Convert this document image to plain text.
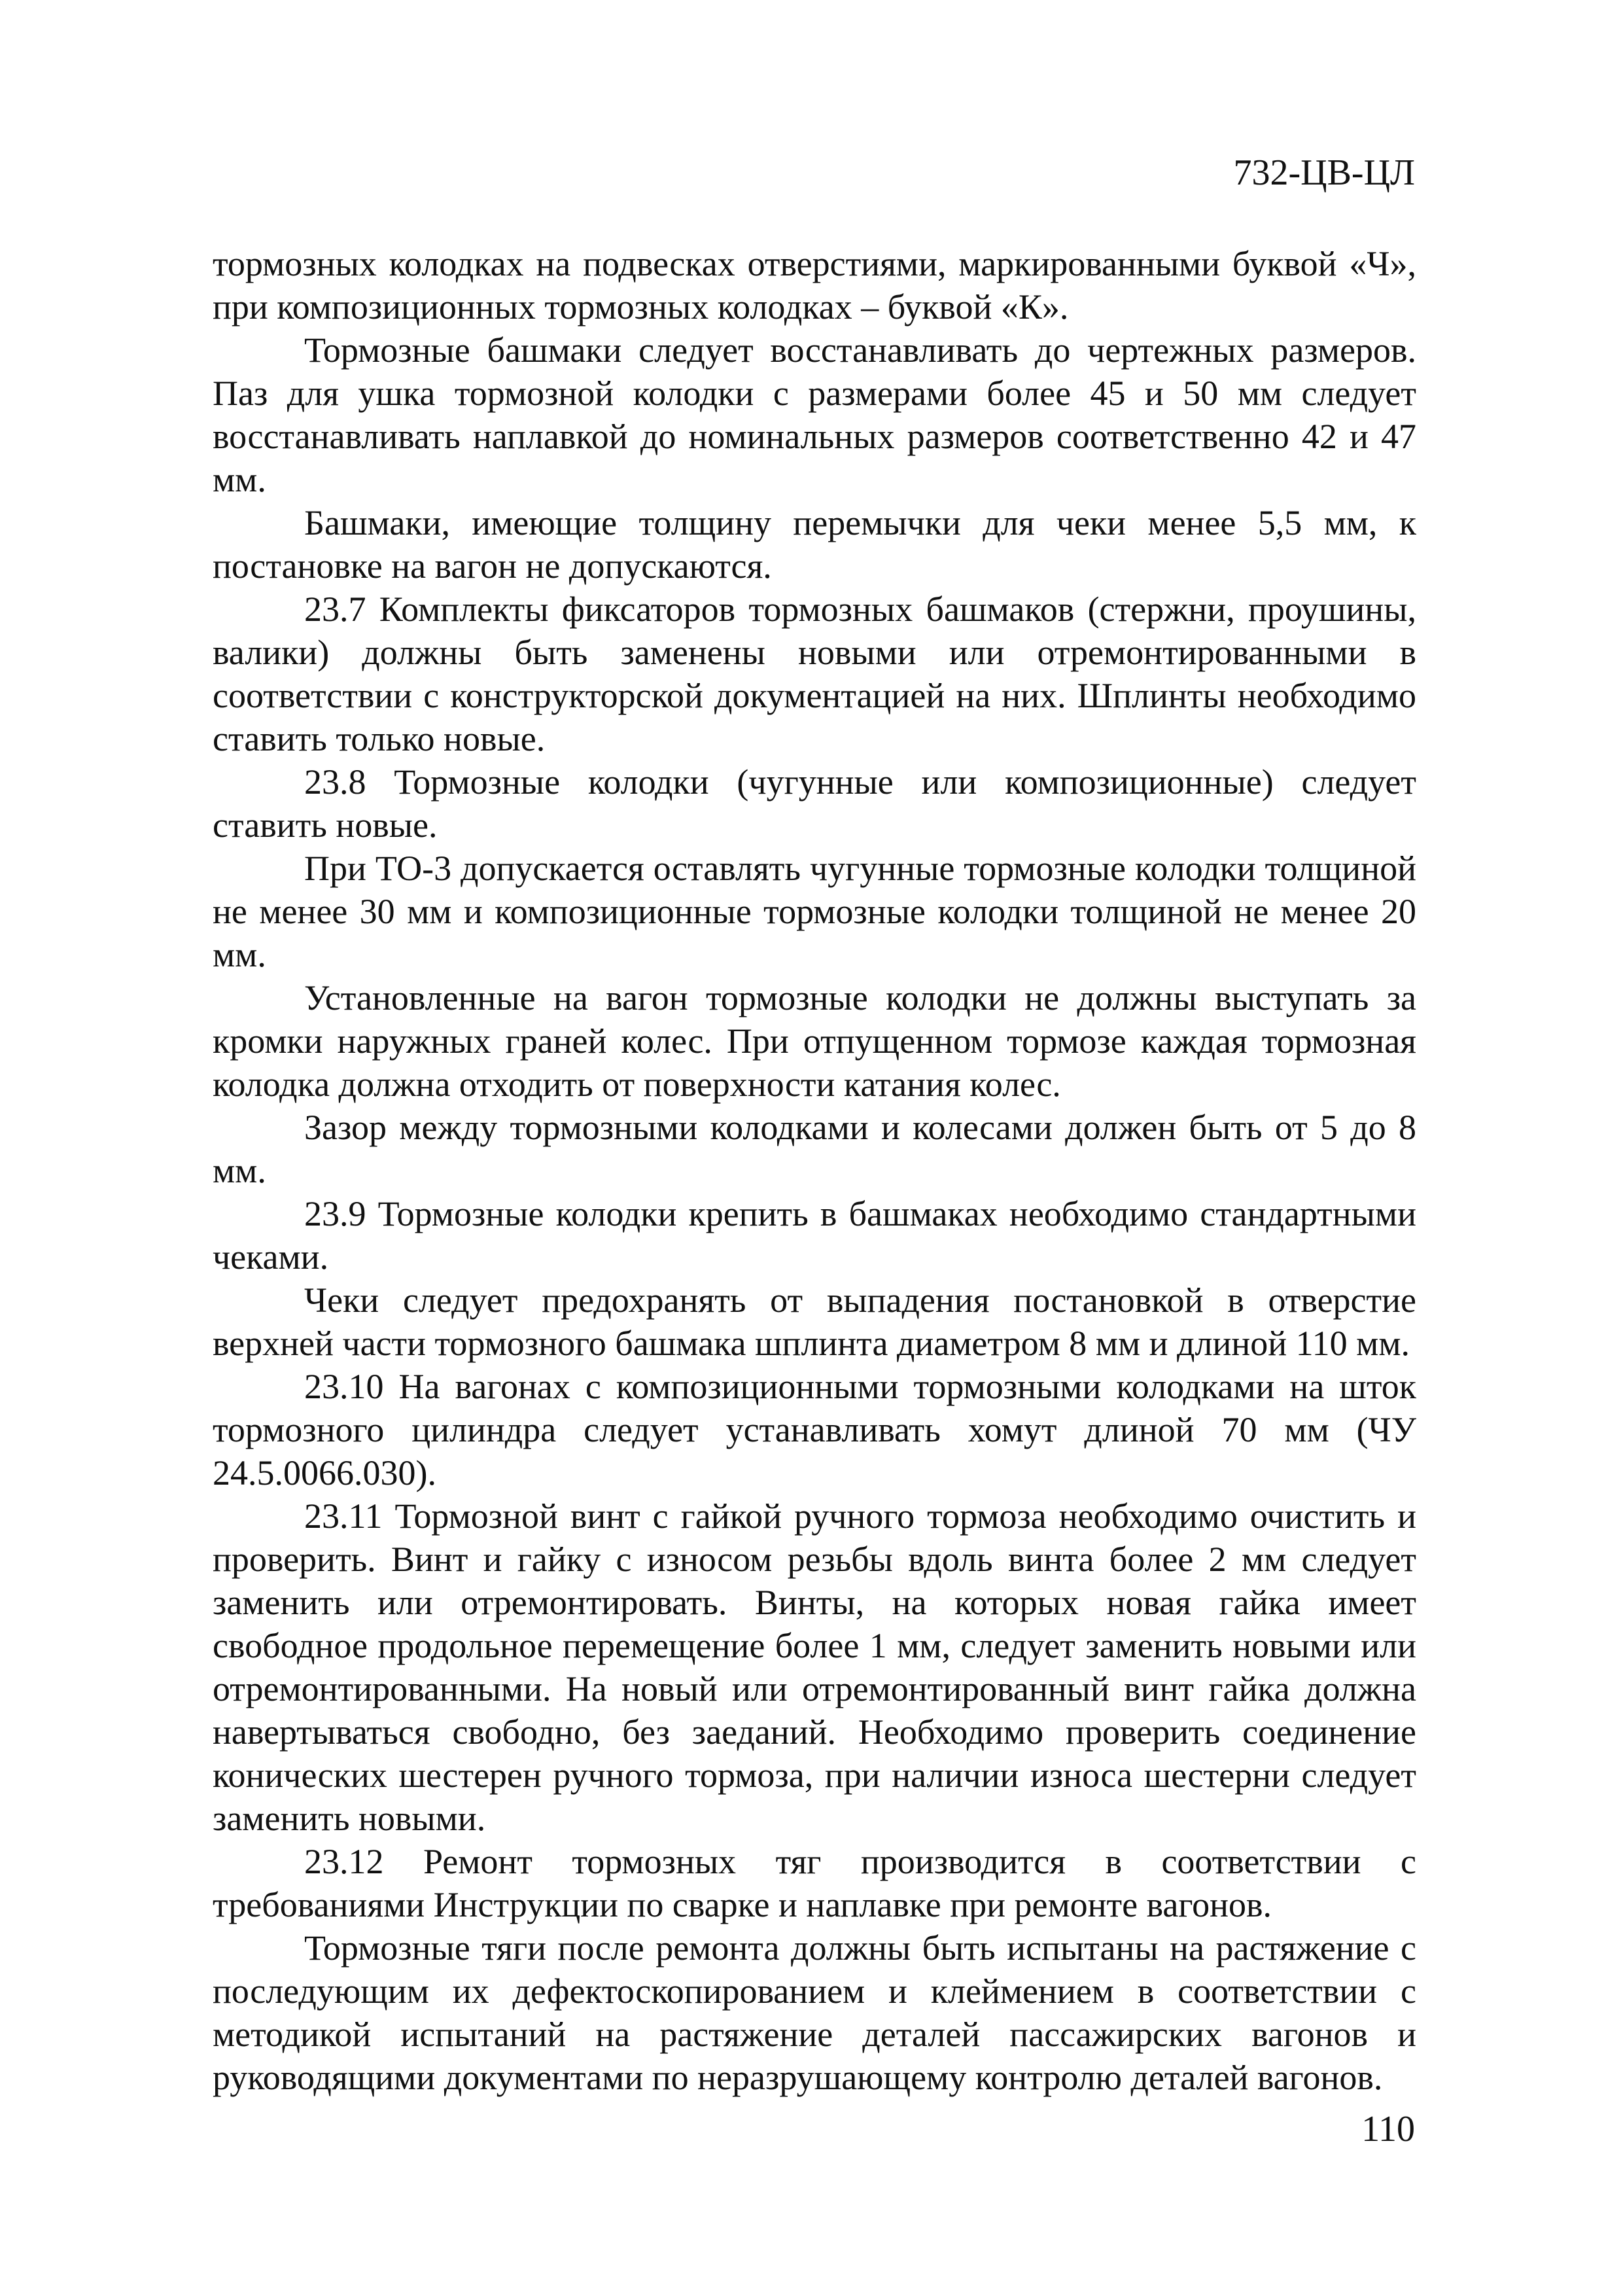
732-ЦВ-ЦЛ

тормозных колодках на подвесках отверстиями, маркированными буквой «Ч», при композиционных тормозных колодках – буквой «К».

Тормозные башмаки следует восстанавливать до чертежных размеров. Паз для ушка тормозной колодки с размерами более 45 и 50 мм следует восстанавливать наплавкой до номинальных размеров соответственно 42 и 47 мм.

Башмаки, имеющие толщину перемычки для чеки менее 5,5 мм, к постановке на вагон не допускаются.

23.7 Комплекты фиксаторов тормозных башмаков (стержни, проушины, валики) должны быть заменены новыми или отремонтированными в соответствии с конструкторской документацией на них. Шплинты необходимо ставить только новые.

23.8 Тормозные колодки (чугунные или композиционные) следует ставить новые.

При ТО-3 допускается оставлять чугунные тормозные колодки толщиной не менее 30 мм и композиционные тормозные колодки толщиной не менее 20 мм.

Установленные на вагон тормозные колодки не должны выступать за кромки наружных граней колес. При отпущенном тормозе каждая тормозная колодка должна отходить от поверхности катания колес.

Зазор между тормозными колодками и колесами должен быть от 5 до 8 мм.

23.9 Тормозные колодки крепить в башмаках необходимо стандартными чеками.

Чеки следует предохранять от выпадения постановкой в отверстие верхней части тормозного башмака шплинта диаметром 8 мм и длиной 110 мм.

23.10 На вагонах с композиционными тормозными колодками на шток тормозного цилиндра следует устанавливать хомут длиной 70 мм (ЧУ 24.5.0066.030).

23.11 Тормозной винт с гайкой ручного тормоза необходимо очистить и проверить. Винт и гайку с износом резьбы вдоль винта более 2 мм следует заменить или отремонтировать. Винты, на которых новая гайка имеет свободное продольное перемещение более 1 мм, следует заменить новыми или отремонтированными. На новый или отремонтированный винт гайка должна навертываться свободно, без заеданий. Необходимо проверить соединение конических шестерен ручного тормоза, при наличии износа шестерни следует заменить новыми.

23.12 Ремонт тормозных тяг производится в соответствии с требованиями Инструкции по сварке и наплавке при ремонте вагонов.

Тормозные тяги после ремонта должны быть испытаны на растяжение с последующим их дефектоскопированием и клеймением в соответствии с методикой испытаний на растяжение деталей пассажирских вагонов и руководящими документами по неразрушающему контролю деталей вагонов.

110
